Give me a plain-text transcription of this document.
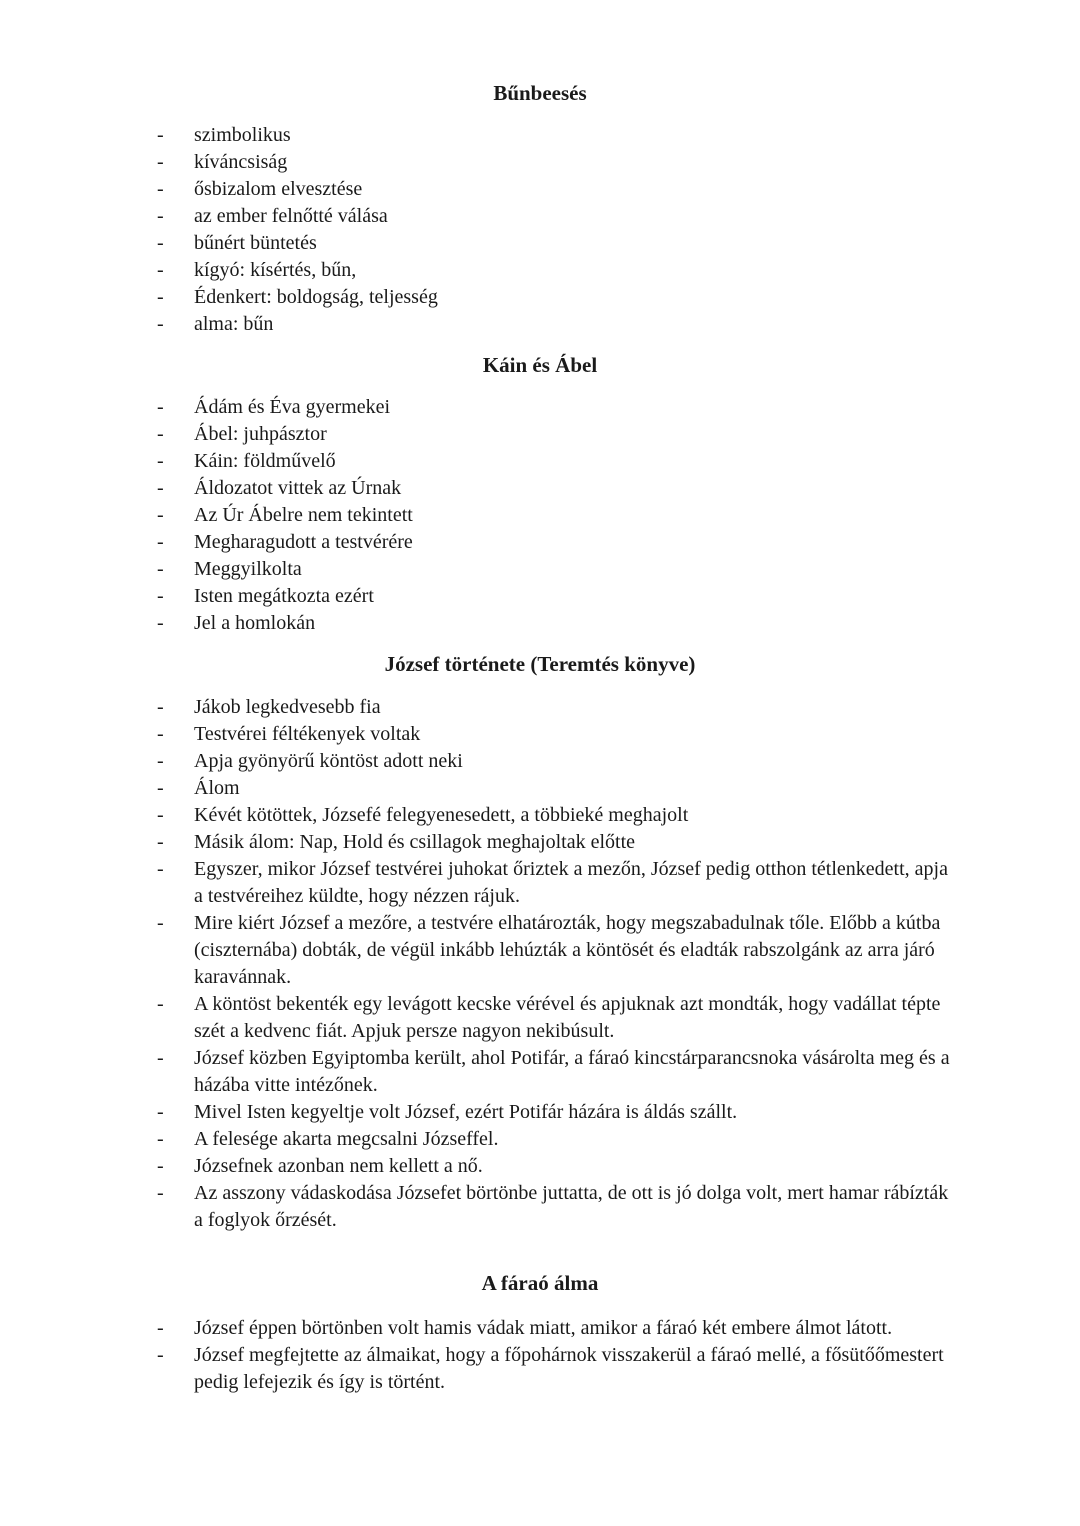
Bűnbeesés
- szimbolikus
- kíváncsiság
- ősbizalom elvesztése
- az ember felnőtté válása
- bűnért büntetés
- kígyó: kísértés, bűn,
- Édenkert: boldogság, teljesség
- alma: bűn
Káin és Ábel
- Ádám és Éva gyermekei
- Ábel: juhpásztor
- Káin: földművelő
- Áldozatot vittek az Úrnak
- Az Úr Ábelre nem tekintett
- Megharagudott a testvérére
- Meggyilkolta
- Isten megátkozta ezért
- Jel a homlokán
József története (Teremtés könyve)
- Jákob legkedvesebb fia
- Testvérei féltékenyek voltak
- Apja gyönyörű köntöst adott neki
- Álom
- Kévét kötöttek, Józsefé felegyenesedett, a többieké meghajolt
- Másik álom: Nap, Hold és csillagok meghajoltak előtte
- Egyszer, mikor József testvérei juhokat őriztek a mezőn, József pedig otthon tétlenkedett, apja a testvéreihez küldte, hogy nézzen rájuk.
- Mire kiért József a mezőre, a testvére elhatározták, hogy megszabadulnak tőle. Előbb a kútba (ciszternába) dobták, de végül inkább lehúzták a köntösét és eladták rabszolgánk az arra járó karavánnak.
- A köntöst bekenték egy levágott kecske vérével és apjuknak azt mondták, hogy vadállat tépte szét a kedvenc fiát. Apjuk persze nagyon nekibúsult.
- József közben Egyiptomba került, ahol Potifár, a fáraó kincstárparancsnoka vásárolta meg és a házába vitte intézőnek.
- Mivel Isten kegyeltje volt József, ezért Potifár házára is áldás szállt.
- A felesége akarta megcsalni Józseffel.
- Józsefnek azonban nem kellett a nő.
- Az asszony vádaskodása Józsefet börtönbe juttatta, de ott is jó dolga volt, mert hamar rábízták a foglyok őrzését.
A fáraó álma
- József éppen börtönben volt hamis vádak miatt, amikor a fáraó két embere álmot látott.
- József megfejtette az álmaikat, hogy a főpohárnok visszakerül a fáraó mellé, a fősütőőmestert pedig lefejezik és így is történt.
